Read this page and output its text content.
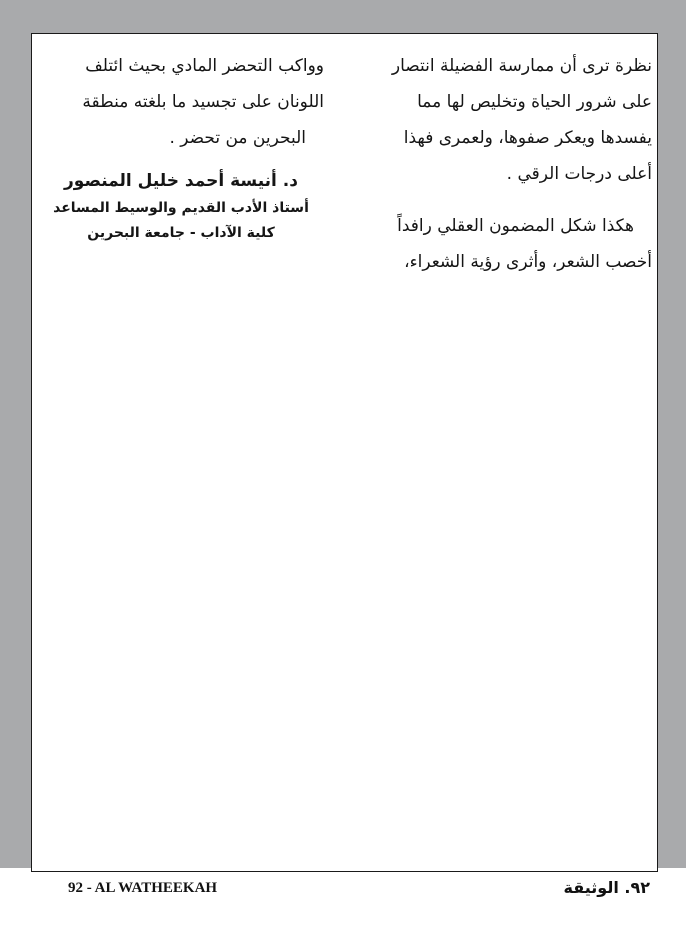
نظرة ترى أن ممارسة الفضيلة انتصار

على شرور الحياة وتخليص لها مما

يفسدها ويعكر صفوها، ولعمرى فهذا

أعلى درجات الرقي .

هكذا شكل المضمون العقلي رافداً

أخصب الشعر، وأثرى رؤية الشعراء،

وواكب التحضر المادي بحيث ائتلف

اللونان على تجسيد ما بلغته منطقة

البحرين من تحضر .

د. أنيسة أحمد خليل المنصور

أستاذ الأدب القديم والوسيط المساعد

كلية الآداب - جامعة البحرين

92 - AL WATHEEKAH	٩٢. الوثيقة
